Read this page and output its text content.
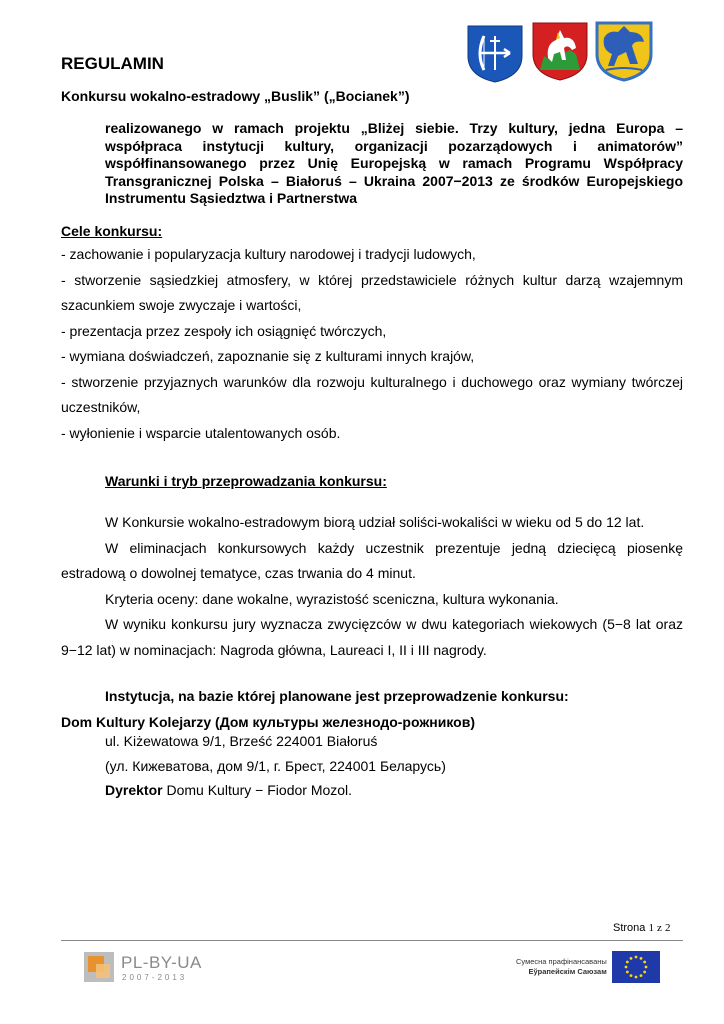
REGULAMIN
Konkursu wokalno-estradowy „Buslik” („Bocianek”)
realizowanego w ramach projektu „Bliżej siebie. Trzy kultury, jedna Europa – współpraca instytucji kultury, organizacji pozarządowych i animatorów” współfinansowanego przez Unię Europejską w ramach Programu Współpracy Transgranicznej Polska – Białoruś – Ukraina 2007−2013 ze środków Europejskiego Instrumentu Sąsiedztwa i Partnerstwa
Cele konkursu:

- zachowanie i popularyzacja kultury narodowej i tradycji ludowych,

- stworzenie sąsiedzkiej atmosfery, w której przedstawiciele różnych kultur darzą wzajemnym szacunkiem swoje zwyczaje i wartości,

- prezentacja przez zespoły ich osiągnięć twórczych,

- wymiana doświadczeń, zapoznanie się z kulturami innych krajów,

- stworzenie przyjaznych warunków dla rozwoju kulturalnego i duchowego oraz wymiany twórczej uczestników,

- wyłonienie i wsparcie utalentowanych osób.

Warunki i tryb przeprowadzania konkursu:

W Konkursie wokalno-estradowym biorą udział soliści-wokaliści w wieku od 5 do 12 lat.

W eliminacjach konkursowych każdy uczestnik prezentuje jedną dziecięcą piosenkę estradową o dowolnej tematyce, czas trwania do 4 minut.

Kryteria oceny: dane wokalne, wyrazistość sceniczna, kultura wykonania.

W wyniku konkursu jury wyznacza zwycięzców w dwu kategoriach wiekowych (5−8 lat oraz 9−12 lat) w nominacjach: Nagroda główna, Laureaci I, II i III nagrody.

Instytucja, na bazie której planowane jest przeprowadzenie konkursu:
Dom Kultury Kolejarzy (Дом культуры железнодо-рожников)
ul. Kiżewatowa 9/1, Brześć 224001 Białoruś
(ул. Кижеватова, дом 9/1, г. Брест, 224001 Беларусь)
Dyrektor Domu Kultury − Fiodor Mozol.
Strona 1 z 2
PL-BY-UA
2007-2013
Сумесна прафінансаваны
Еўрапейскім Саюзам
